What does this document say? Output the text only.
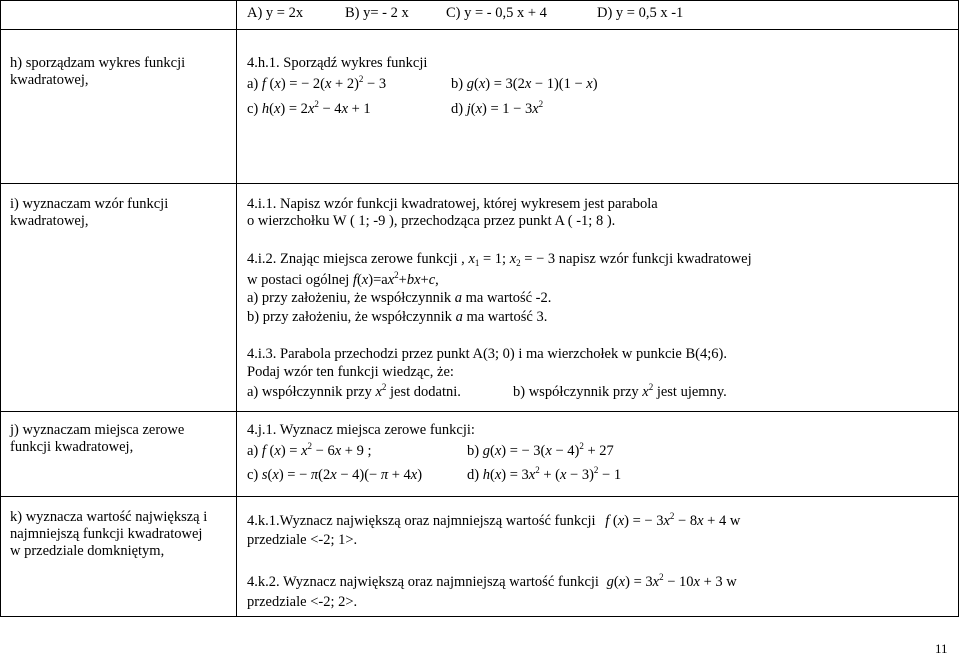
A) y = 2x	B) y= - 2 x	C) y = - 0,5 x + 4	D) y = 0,5 x -1
h) sporządzam wykres funkcji
kwadratowej,
4.h.1. Sporządź wykres funkcji
a) f (x) = − $2(x + 2)^2 - 3$	b) g(x) = 3(2x − 1)(1 − x)
c) $h(x) = 2x^2 - 4x + 1$	d) $j(x) = 1 - 3x^2$
i) wyznaczam wzór funkcji
kwadratowej,
4.i.1. Napisz wzór funkcji kwadratowej, której wykresem jest parabola
o wierzchołku W ( 1; -9 ), przechodząca przez punkt A ( -1; 8 ).
4.i.2. Znając miejsca zerowe funkcji , $x_1 = 1$; $x_2$ = − 3 napisz wzór funkcji kwadratowej
w postaci ogólnej $f(x)=ax^2+bx+c$,
a) przy założeniu, że współczynnik a ma wartość -2.
b) przy założeniu, że współczynnik a ma wartość 3.
4.i.3. Parabola przechodzi przez punkt A(3; 0) i ma wierzchołek w punkcie B(4;6).
Podaj wzór ten funkcji wiedząc, że:
a) współczynnik przy $x^2$ jest dodatni.	b) współczynnik przy $x^2$ jest ujemny.
j) wyznaczam miejsca zerowe
funkcji kwadratowej,
4.j.1. Wyznacz miejsca zerowe funkcji:
a) f $(x) = x^2 - 6x + 9$ ;	b) g(x) = − $3(x - 4)^2 + 27$
c) s(x) = − π(2x − 4)(− π + 4x)	d) $h(x) = 3x^2 + (x - 3)^2 - 1$
k) wyznacza wartość największą i
najmniejszą funkcji kwadratowej
w przedziale domkniętym,
4.k.1.Wyznacz największą oraz najmniejszą wartość funkcji f (x) = − $3x^2 - 8x + 4$ w
przedziale <-2; 1>.
4.k.2. Wyznacz największą oraz najmniejszą wartość funkcji $g(x) = 3x^2 - 10x + 3$ w
przedziale <-2; 2>.
11
